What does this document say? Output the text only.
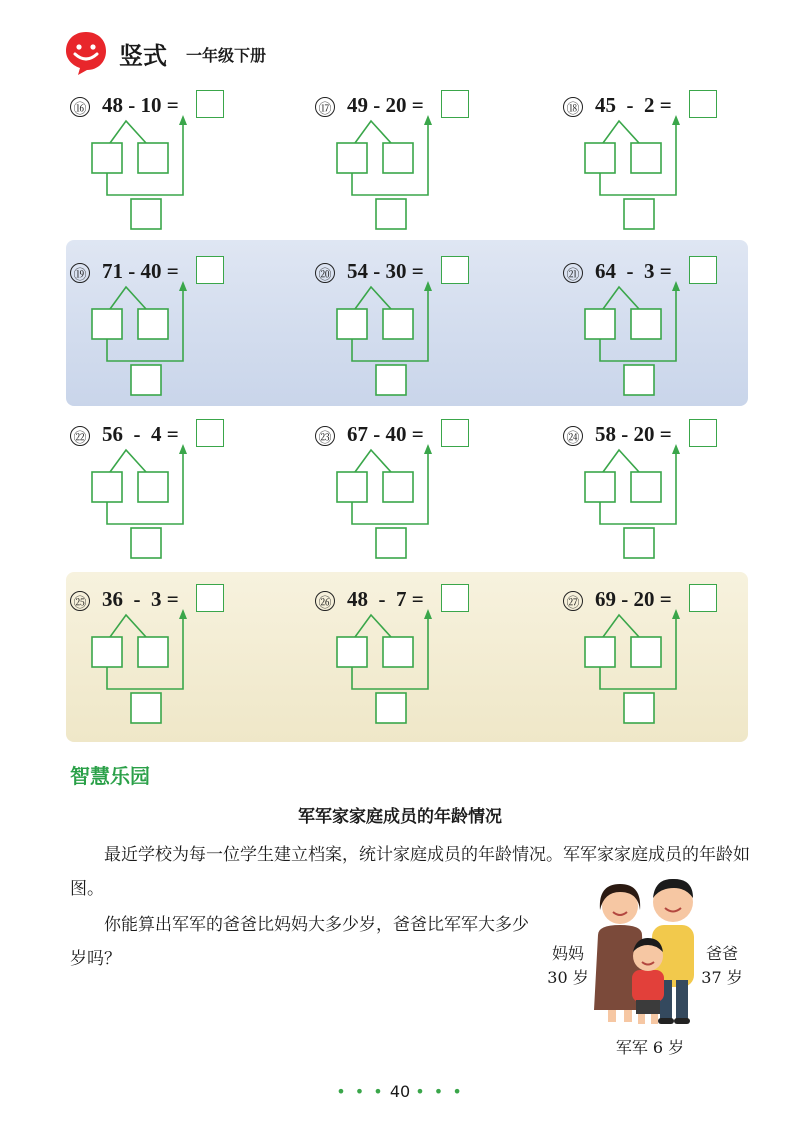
竖式 一年级下册
⑯ 48 - 10 =	⑰ 49 - 20 =	⑱ 45  -  2 =
⑲ 71 - 40 =	⑳ 54 - 30 =	㉑ 64  -  3 =
㉒ 56  -  4 =	㉓ 67 - 40 =	㉔ 58 - 20 =
㉕ 36  -  3 =	㉖ 48  -  7 =	㉗ 69 - 20 =
智慧乐园
军军家家庭成员的年龄情况
最近学校为每一位学生建立档案，统计家庭成员的年龄情况。军军家家庭成员的年龄如图。
你能算出军军的爸爸比妈妈大多少岁，爸爸比军军大多少岁吗？	妈妈
30 岁
爸爸
37 岁
军军 6 岁
• • • 40 • • •
